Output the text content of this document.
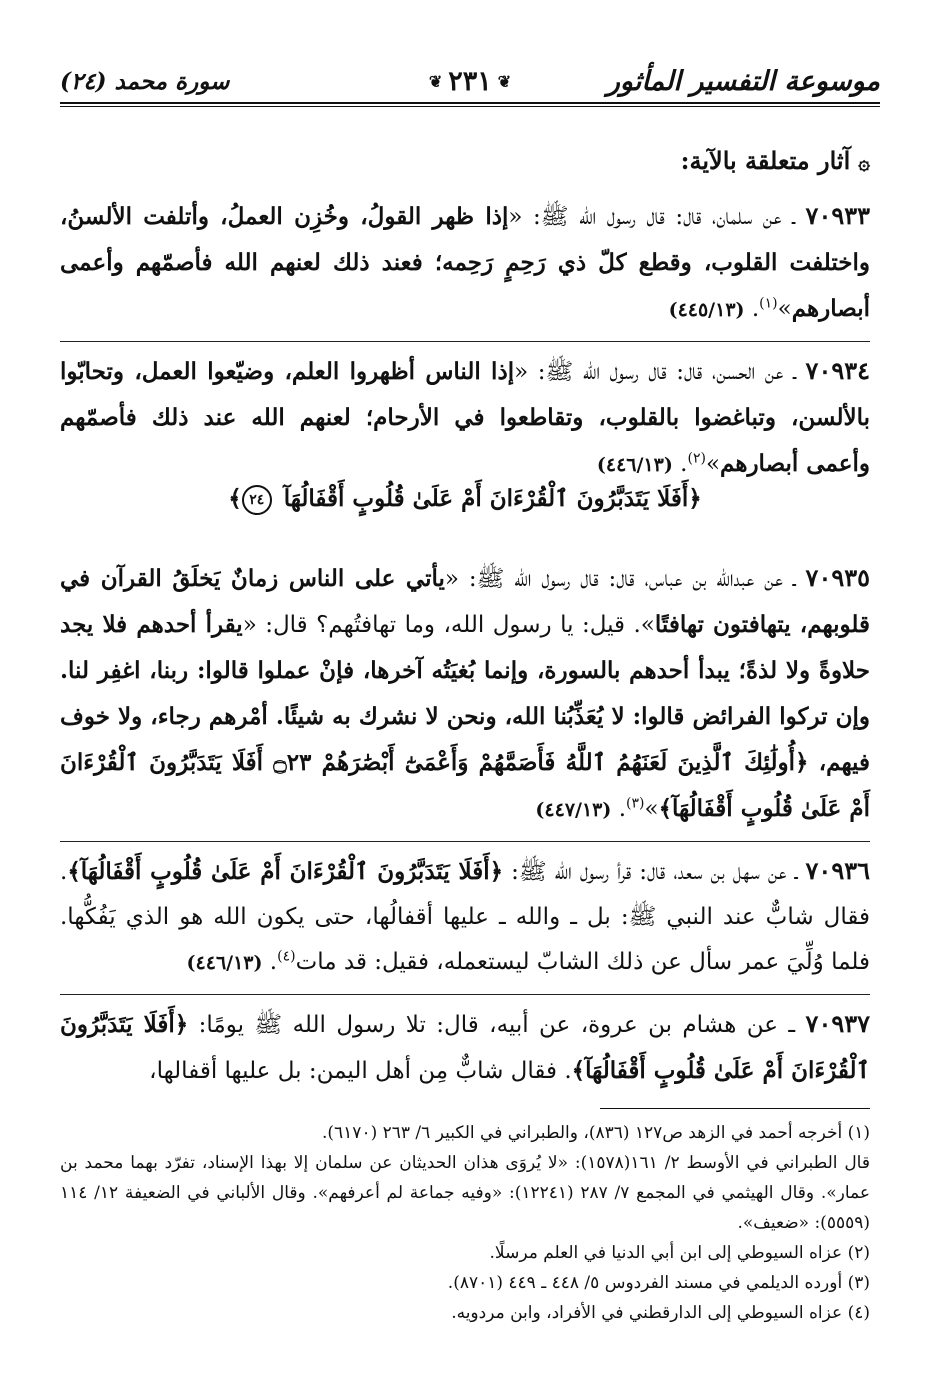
موسوعة التفسير المأثور
❦ ٢٣١ ❦
سورة محمد (٢٤)

۞آثار متعلقة بالآية:

٧٠٩٣٣ ـ عن سلمان، قال: قال رسول الله ﷺ: «إذا ظهر القولُ، وخُزِن العملُ، وأتلفت الألسنُ، واختلفت القلوب، وقطع كلّ ذي رَحِمٍ رَحِمه؛ فعند ذلك لعنهم الله فأصمّهم وأعمى أبصارهم»$^{(١)}$. (٤٤٥/١٣)

٧٠٩٣٤ ـ عن الحسن، قال: قال رسول الله ﷺ: «إذا الناس أظهروا العلم، وضيّعوا العمل، وتحابّوا بالألسن، وتباغضوا بالقلوب، وتقاطعوا في الأرحام؛ لعنهم الله عند ذلك فأصمّهم وأعمى أبصارهم»$^{(٢)}$. (٤٤٦/١٣)

﴿أَفَلَا يَتَدَبَّرُونَ ٱلْقُرْءَانَ أَمْ عَلَىٰ قُلُوبٍ أَقْفَالُهَآ ٢٤﴾

٧٠٩٣٥ ـ عن عبدالله بن عباس، قال: قال رسول الله ﷺ: «يأتي على الناس زمانٌ يَخلَقُ القرآن في قلوبهم، يتهافتون تهافتًا». قيل: يا رسول الله، وما تهافتُهم؟ قال: «يقرأ أحدهم فلا يجد حلاوةً ولا لذةً؛ يبدأ أحدهم بالسورة، وإنما بُغيَتُه آخرها، فإنْ عملوا قالوا: ربنا، اغفِر لنا. وإن تركوا الفرائض قالوا: لا يُعَذِّبُنا الله، ونحن لا نشرك به شيئًا. أمْرهم رجاء، ولا خوف فيهم، ﴿أُولَٰئِكَ ٱلَّذِينَ لَعَنَهُمُ ٱللَّهُ فَأَصَمَّهُمْ وَأَعْمَىٰٓ أَبْصَٰرَهُمْ ۝٢٣ أَفَلَا يَتَدَبَّرُونَ ٱلْقُرْءَانَ أَمْ عَلَىٰ قُلُوبٍ أَقْفَالُهَآ﴾»$^{(٣)}$. (٤٤٧/١٣)

٧٠٩٣٦ ـ عن سهل بن سعد، قال: قرأ رسول الله ﷺ: ﴿أَفَلَا يَتَدَبَّرُونَ ٱلْقُرْءَانَ أَمْ عَلَىٰ قُلُوبٍ أَقْفَالُهَآ﴾. فقال شابٌّ عند النبي ﷺ: بل ـ والله ـ عليها أقفالُها، حتى يكون الله هو الذي يَفُكُّها. فلما وُلِّيَ عمر سأل عن ذلك الشابّ ليستعمله، فقيل: قد مات$^{(٤)}$. (٤٤٦/١٣)

٧٠٩٣٧ ـ عن هشام بن عروة، عن أبيه، قال: تلا رسول الله ﷺ يومًا: ﴿أَفَلَا يَتَدَبَّرُونَ ٱلْقُرْءَانَ أَمْ عَلَىٰ قُلُوبٍ أَقْفَالُهَآ﴾. فقال شابٌّ مِن أهل اليمن: بل عليها أقفالها،

(١) أخرجه أحمد في الزهد ص١٢٧ (٨٣٦)، والطبراني في الكبير ٦/ ٢٦٣ (٦١٧٠).

قال الطبراني في الأوسط ٢/ ١٦١(١٥٧٨): «لا يُروَى هذان الحديثان عن سلمان إلا بهذا الإسناد، تفرّد بهما محمد بن عمار». وقال الهيثمي في المجمع ٧/ ٢٨٧ (١٢٢٤١): «وفيه جماعة لم أعرفهم». وقال الألباني في الضعيفة ١٢/ ١١٤ (٥٥٥٩): «ضعيف».

(٢) عزاه السيوطي إلى ابن أبي الدنيا في العلم مرسلًا.

(٣) أورده الديلمي في مسند الفردوس ٥/ ٤٤٨ ـ ٤٤٩ (٨٧٠١).

(٤) عزاه السيوطي إلى الدارقطني في الأفراد، وابن مردويه.
